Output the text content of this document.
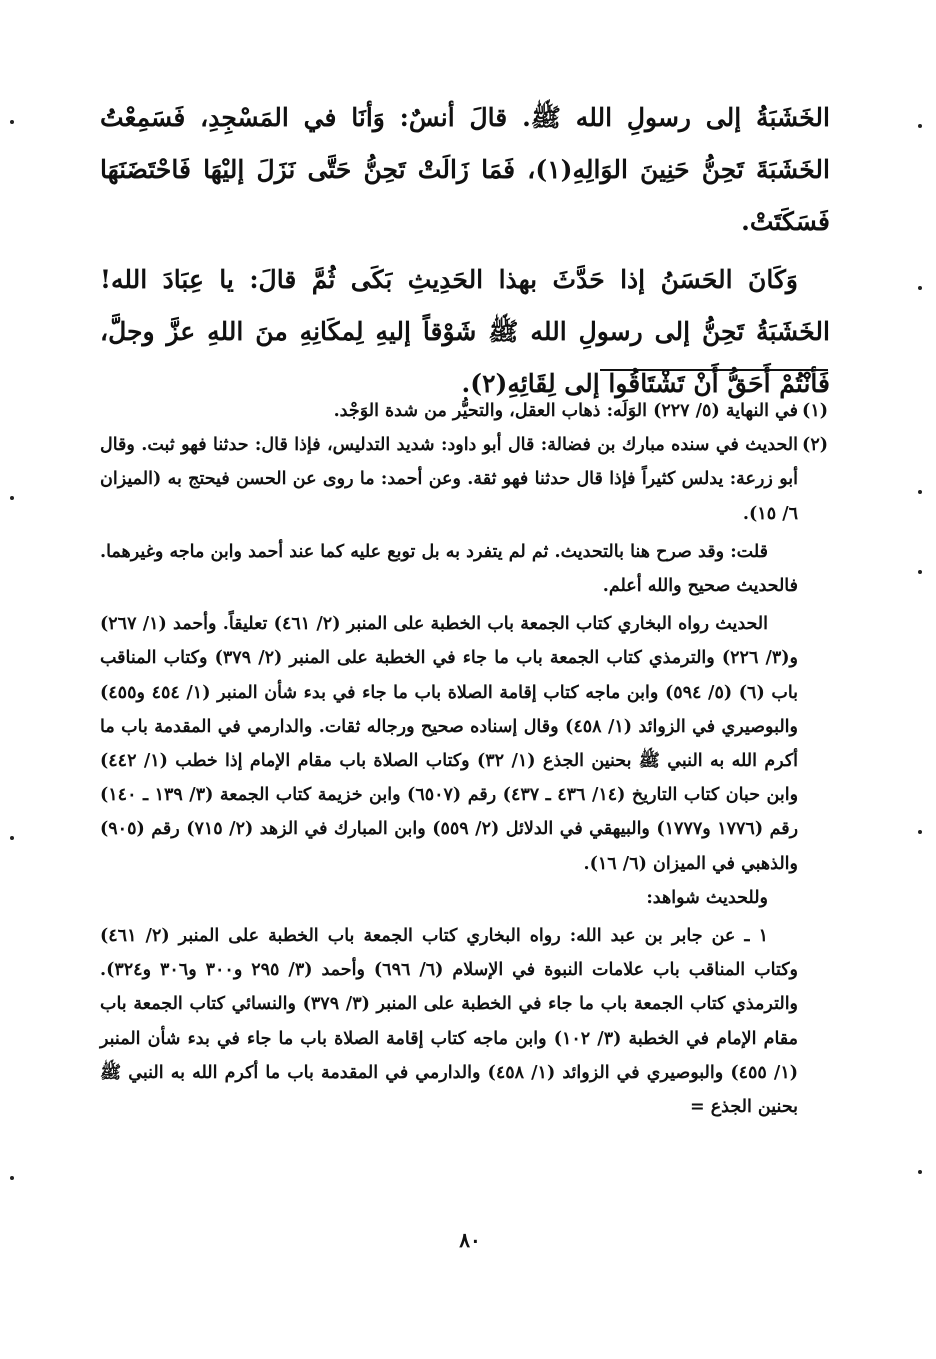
الخَشَبَةُ إلى رسولِ الله ﷺ. قالَ أنسٌ: وَأنَا في المَسْجِدِ، فَسَمِعْتُ الخَشَبَةَ تَحِنُّ حَنِينَ الوَالِهِ(١)، فَمَا زَالَتْ تَحِنُّ حَتَّى نَزَلَ إليْهَا فَاحْتَضَنَهَا فَسَكَتَتْ.

وَكَانَ الحَسَنُ إذا حَدَّثَ بهذا الحَدِيثِ بَكَى ثُمَّ قالَ: يا عِبَادَ الله! الخَشَبَةُ تَحِنُّ إلى رسولِ الله ﷺ شَوْقاً إليهِ لِمكَانِهِ منَ اللهِ عزَّ وجلَّ، فَأنْتُمْ أَحَقُّ أَنْ تَشْتَاقُوا إلى لِقَائِهِ(٢).

(١)
في النهاية (٥/ ٢٢٧) الوَلَه: ذهاب العقل، والتحيُّر من شدة الوَجْد.

(٢)
الحديث في سنده مبارك بن فضالة: قال أبو داود: شديد التدليس، فإذا قال: حدثنا فهو ثبت. وقال أبو زرعة: يدلس كثيراً فإذا قال حدثنا فهو ثقة. وعن أحمد: ما روى عن الحسن فيحتج به (الميزان ٦/ ١٥).

قلت: وقد صرح هنا بالتحديث. ثم لم يتفرد به بل توبع عليه كما عند أحمد وابن ماجه وغيرهما. فالحديث صحيح والله أعلم.

الحديث رواه البخاري كتاب الجمعة باب الخطبة على المنبر (٢/ ٤٦١) تعليقاً. وأحمد (١/ ٢٦٧) و(٣/ ٢٢٦) والترمذي كتاب الجمعة باب ما جاء في الخطبة على المنبر (٢/ ٣٧٩) وكتاب المناقب باب (٦) (٥/ ٥٩٤) وابن ماجه كتاب إقامة الصلاة باب ما جاء في بدء شأن المنبر (١/ ٤٥٤ و٤٥٥) والبوصيري في الزوائد (١/ ٤٥٨) وقال إسناده صحيح ورجاله ثقات. والدارمي في المقدمة باب ما أكرم الله به النبي ﷺ بحنين الجذع (١/ ٣٢) وكتاب الصلاة باب مقام الإمام إذا خطب (١/ ٤٤٢) وابن حبان كتاب التاريخ (١٤/ ٤٣٦ ـ ٤٣٧) رقم (٦٥٠٧) وابن خزيمة كتاب الجمعة (٣/ ١٣٩ ـ ١٤٠) رقم (١٧٧٦ و١٧٧٧) والبيهقي في الدلائل (٢/ ٥٥٩) وابن المبارك في الزهد (٢/ ٧١٥) رقم (٩٠٥) والذهبي في الميزان (٦/ ١٦).

وللحديث شواهد:

١ ـ عن جابر بن عبد الله: رواه البخاري كتاب الجمعة باب الخطبة على المنبر (٢/ ٤٦١) وكتاب المناقب باب علامات النبوة في الإسلام (٦/ ٦٩٦) وأحمد (٣/ ٢٩٥ و٣٠٠ و٣٠٦ و٣٢٤). والترمذي كتاب الجمعة باب ما جاء في الخطبة على المنبر (٣/ ٣٧٩) والنسائي كتاب الجمعة باب مقام الإمام في الخطبة (٣/ ١٠٢) وابن ماجه كتاب إقامة الصلاة باب ما جاء في بدء شأن المنبر (١/ ٤٥٥) والبوصيري في الزوائد (١/ ٤٥٨) والدارمي في المقدمة باب ما أكرم الله به النبي ﷺ بحنين الجذع =

٨٠
